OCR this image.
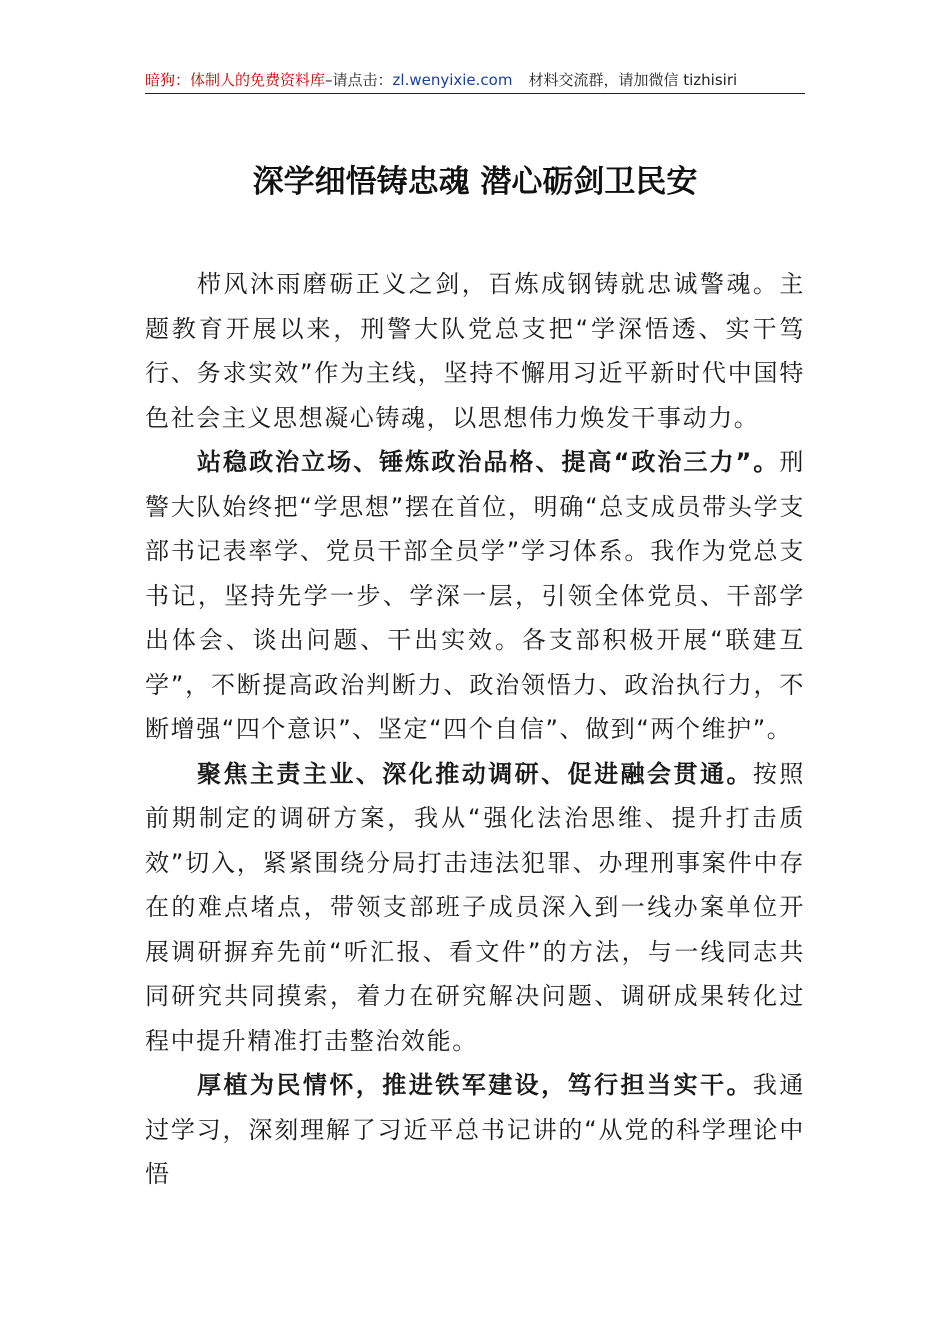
暗狗：体制人的免费资料库–请点击：zl.wenyixie.com 材料交流群，请加微信 tizhisiri
深学细悟铸忠魂 潜心砺剑卫民安

栉风沐雨磨砺正义之剑，百炼成钢铸就忠诚警魂。主题教育开展以来，刑警大队党总支把“学深悟透、实干笃行、务求实效”作为主线，坚持不懈用习近平新时代中国特色社会主义思想凝心铸魂，以思想伟力焕发干事动力。

站稳政治立场、锤炼政治品格、提高“政治三力”。刑警大队始终把“学思想”摆在首位，明确“总支成员带头学支部书记表率学、党员干部全员学”学习体系。我作为党总支书记，坚持先学一步、学深一层，引领全体党员、干部学出体会、谈出问题、干出实效。各支部积极开展“联建互学”，不断提高政治判断力、政治领悟力、政治执行力，不断增强“四个意识”、坚定“四个自信”、做到“两个维护”。

聚焦主责主业、深化推动调研、促进融会贯通。按照前期制定的调研方案，我从“强化法治思维、提升打击质效”切入，紧紧围绕分局打击违法犯罪、办理刑事案件中存在的难点堵点，带领支部班子成员深入到一线办案单位开展调研摒弃先前“听汇报、看文件”的方法，与一线同志共同研究共同摸索，着力在研究解决问题、调研成果转化过程中提升精准打击整治效能。

厚植为民情怀，推进铁军建设，笃行担当实干。我通过学习，深刻理解了习近平总书记讲的“从党的科学理论中悟
